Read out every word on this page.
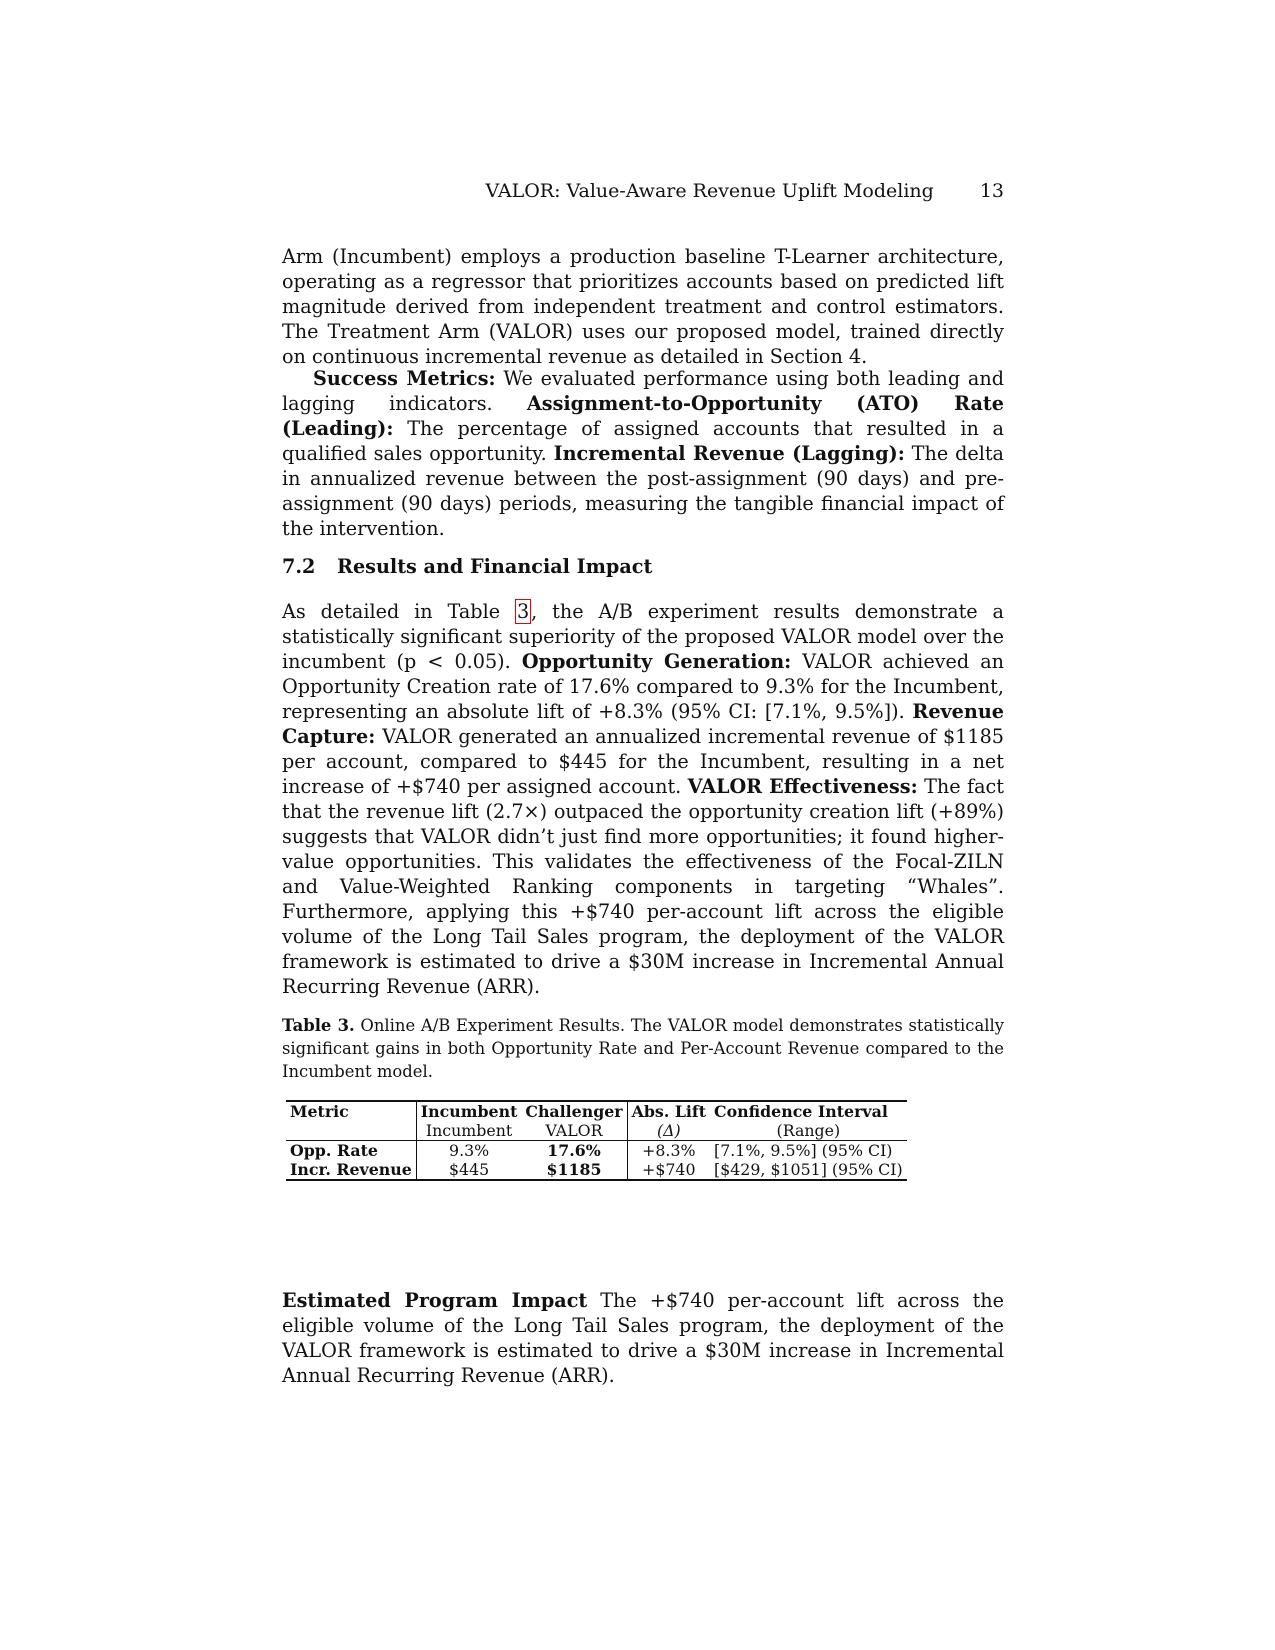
VALOR: Value-Aware Revenue Uplift Modeling 13

Arm (Incumbent) employs a production baseline T-Learner architecture, operating as a regressor that prioritizes accounts based on predicted lift magnitude derived from independent treatment and control estimators. The Treatment Arm (VALOR) uses our proposed model, trained directly on continuous incremental revenue as detailed in Section 4.

Success Metrics: We evaluated performance using both leading and lagging indicators. Assignment-to-Opportunity (ATO) Rate (Leading): The percentage of assigned accounts that resulted in a qualified sales opportunity. Incremental Revenue (Lagging): The delta in annualized revenue between the post-assignment (90 days) and pre-assignment (90 days) periods, measuring the tangible financial impact of the intervention.

7.2 Results and Financial Impact

As detailed in Table 3 , the A/B experiment results demonstrate a statistically significant superiority of the proposed VALOR model over the incumbent (p < 0.05). Opportunity Generation: VALOR achieved an Opportunity Creation rate of 17.6% compared to 9.3% for the Incumbent, representing an absolute lift of +8.3% (95% CI: [7.1%, 9.5%]). Revenue Capture: VALOR generated an annualized incremental revenue of $1185 per account, compared to $445 for the Incumbent, resulting in a net increase of +$740 per assigned account. VALOR Effectiveness: The fact that the revenue lift (2.7×) outpaced the opportunity creation lift (+89%) suggests that VALOR didn’t just find more opportunities; it found higher-value opportunities. This validates the effectiveness of the Focal-ZILN and Value-Weighted Ranking components in targeting “Whales”. Furthermore, applying this +$740 per-account lift across the eligible volume of the Long Tail Sales program, the deployment of the VALOR framework is estimated to drive a $30M increase in Incremental Annual Recurring Revenue (ARR).

Table 3. Online A/B Experiment Results. The VALOR model demonstrates statistically significant gains in both Opportunity Rate and Per-Account Revenue compared to the Incumbent model.

Metric	Incumbent	Challenger	Abs. Lift	Confidence Interval
	Incumbent	VALOR	(Δ)	(Range)
Opp. Rate	9.3%	17.6%	+8.3%	[7.1%, 9.5%] (95% CI)
Incr. Revenue	$445	$1185	+$740	[$429, $1051] (95% CI)

Estimated Program Impact The +$740 per-account lift across the eligible volume of the Long Tail Sales program, the deployment of the VALOR framework is estimated to drive a $30M increase in Incremental Annual Recurring Revenue (ARR).
